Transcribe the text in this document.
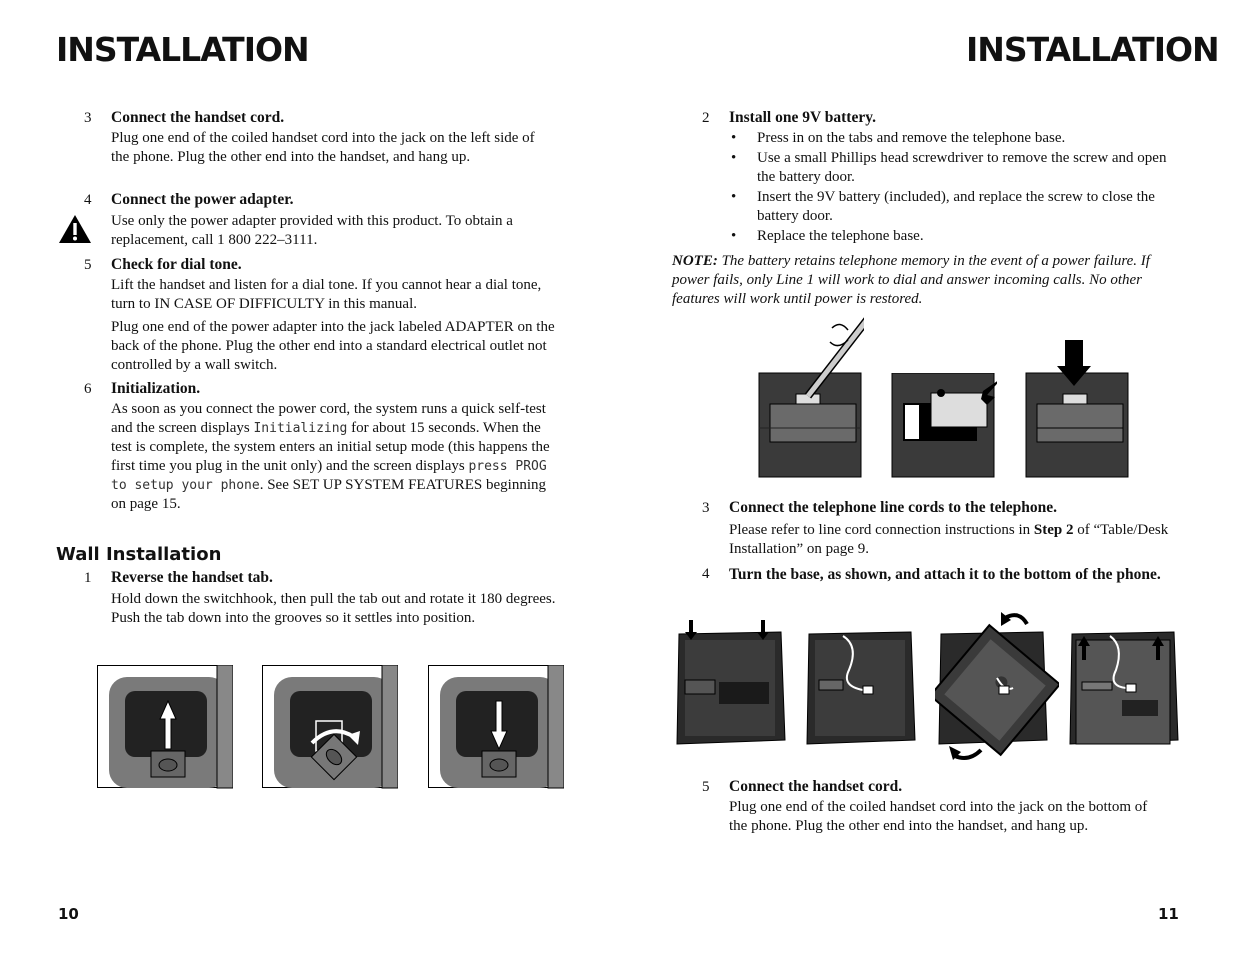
INSTALLATION
3 Connect the handset cord.
Plug one end of the coiled handset cord into the jack on the left side of the phone. Plug the other end into the handset, and hang up.
4 Connect the power adapter.
Use only the power adapter provided with this product. To obtain a replacement, call 1 800 222–3111.
5 Check for dial tone.
Lift the handset and listen for a dial tone. If you cannot hear a dial tone, turn to IN CASE OF DIFFICULTY in this manual.
Plug one end of the power adapter into the jack labeled ADAPTER on the back of the phone. Plug the other end into a standard electrical outlet not controlled by a wall switch.
6 Initialization.
As soon as you connect the power cord, the system runs a quick self-test and the screen displays Initializing for about 15 seconds. When the test is complete, the system enters an initial setup mode (this happens the first time you plug in the unit only) and the screen displays press PROG to setup your phone. See SET UP SYSTEM FEATURES beginning on page 15.
Wall Installation
1 Reverse the handset tab.
Hold down the switchhook, then pull the tab out and rotate it 180 degrees. Push the tab down into the grooves so it settles into position.
10
INSTALLATION
2 Install one 9V battery.
• Press in on the tabs and remove the telephone base.
• Use a small Phillips head screwdriver to remove the screw and open the battery door.
• Insert the 9V battery (included), and replace the screw to close the battery door.
• Replace the telephone base.
NOTE: The battery retains telephone memory in the event of a power failure. If power fails, only Line 1 will work to dial and answer incoming calls. No other features will work until power is restored.
3 Connect the telephone line cords to the telephone.
Please refer to line cord connection instructions in Step 2 of “Table/Desk Installation” on page 9.
4 Turn the base, as shown, and attach it to the bottom of the phone.
5 Connect the handset cord.
Plug one end of the coiled handset cord into the jack on the bottom of the phone. Plug the other end into the handset, and hang up.
11
